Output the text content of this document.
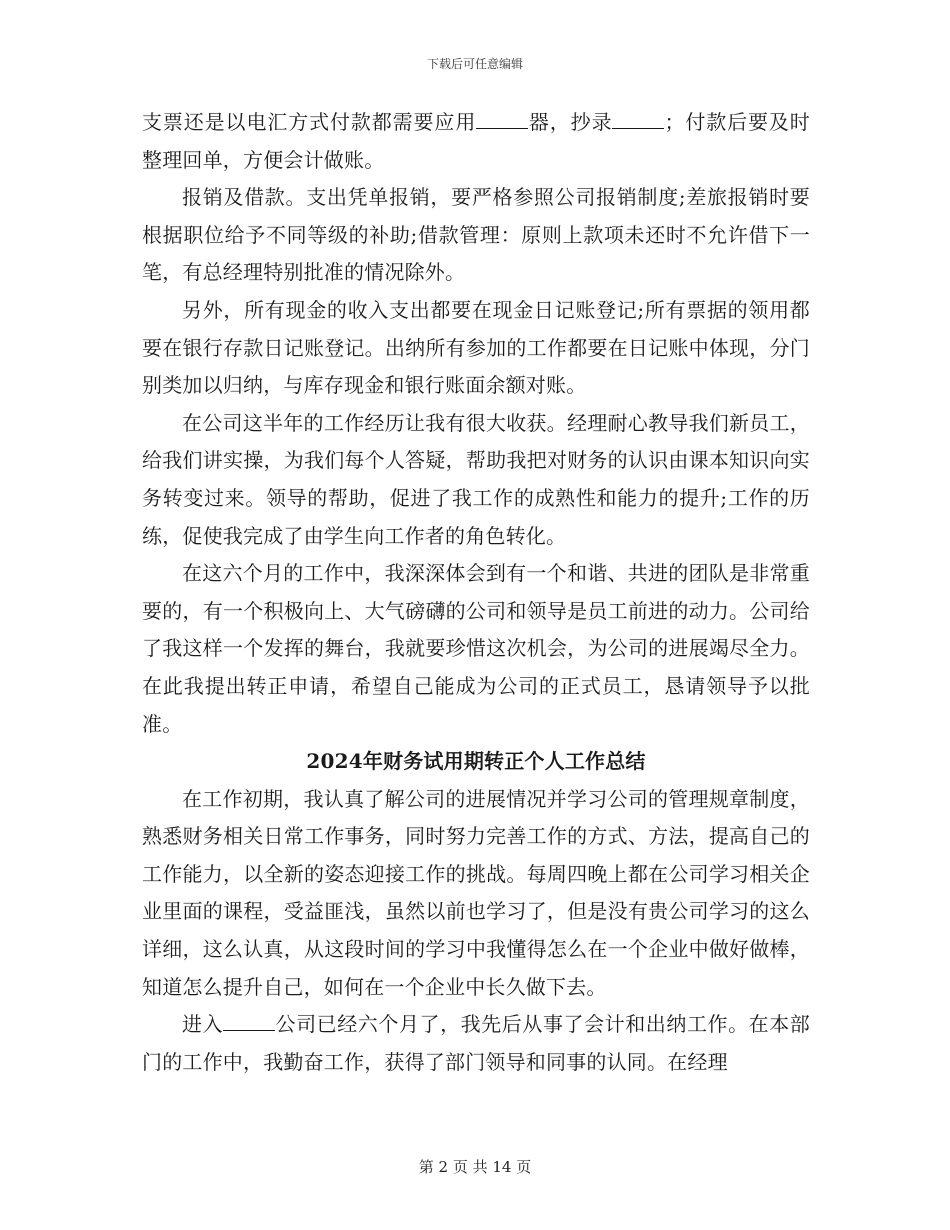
下载后可任意编辑

支票还是以电汇方式付款都需要应用	器，抄录	；付款后要及时整理回单，方便会计做账。

报销及借款。支出凭单报销，要严格参照公司报销制度;差旅报销时要根据职位给予不同等级的补助;借款管理：原则上款项未还时不允许借下一笔，有总经理特别批准的情况除外。

另外，所有现金的收入支出都要在现金日记账登记;所有票据的领用都要在银行存款日记账登记。出纳所有参加的工作都要在日记账中体现，分门别类加以归纳，与库存现金和银行账面余额对账。

在公司这半年的工作经历让我有很大收获。经理耐心教导我们新员工，给我们讲实操，为我们每个人答疑，帮助我把对财务的认识由课本知识向实务转变过来。领导的帮助，促进了我工作的成熟性和能力的提升;工作的历练，促使我完成了由学生向工作者的角色转化。

在这六个月的工作中，我深深体会到有一个和谐、共进的团队是非常重要的，有一个积极向上、大气磅礴的公司和领导是员工前进的动力。公司给了我这样一个发挥的舞台，我就要珍惜这次机会，为公司的进展竭尽全力。在此我提出转正申请，希望自己能成为公司的正式员工，恳请领导予以批准。

2024年财务试用期转正个人工作总结

在工作初期，我认真了解公司的进展情况并学习公司的管理规章制度，熟悉财务相关日常工作事务，同时努力完善工作的方式、方法，提高自己的工作能力，以全新的姿态迎接工作的挑战。每周四晚上都在公司学习相关企业里面的课程，受益匪浅，虽然以前也学习了，但是没有贵公司学习的这么详细，这么认真，从这段时间的学习中我懂得怎么在一个企业中做好做棒，知道怎么提升自己，如何在一个企业中长久做下去。

进入	公司已经六个月了，我先后从事了会计和出纳工作。在本部门的工作中，我勤奋工作，获得了部门领导和同事的认同。在经理

第 2 页 共 14 页
